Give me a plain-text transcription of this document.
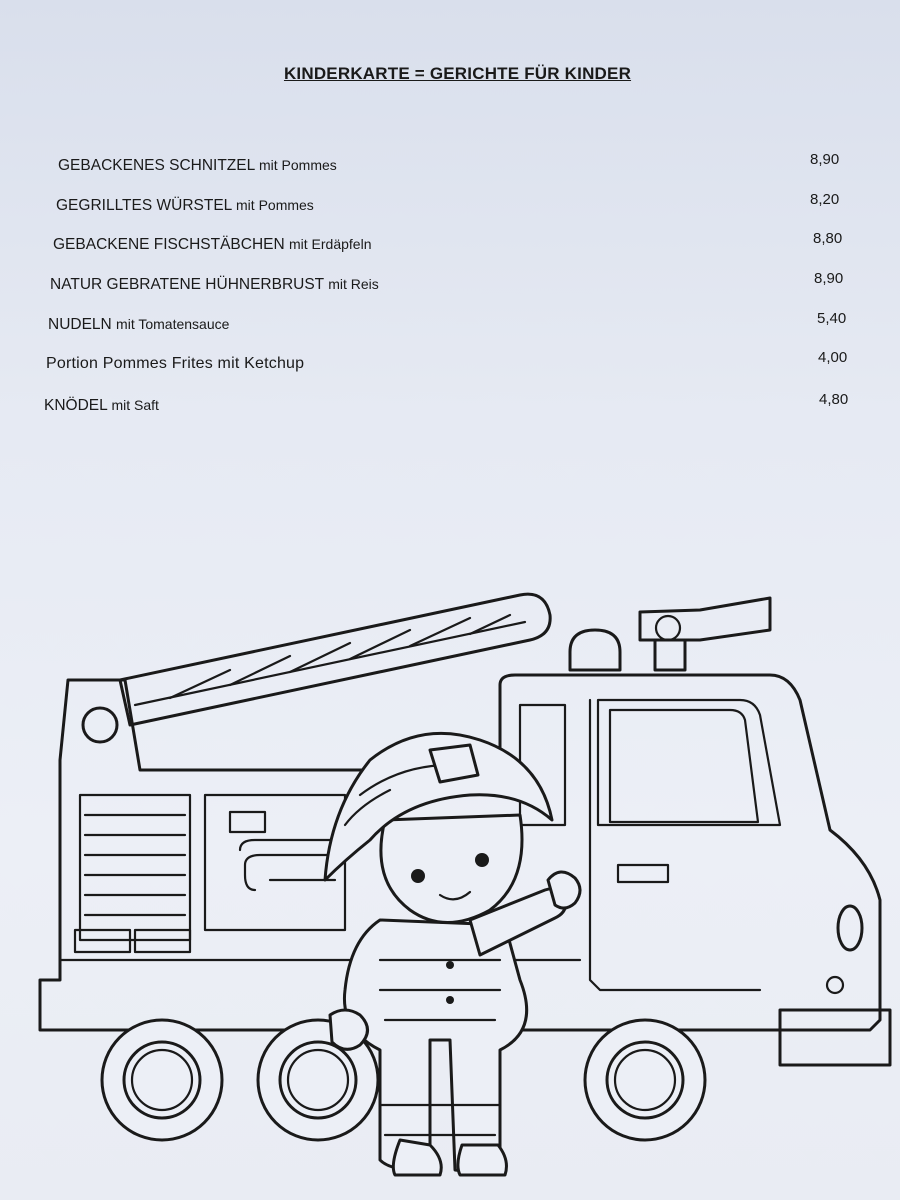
KINDERKARTE = GERICHTE FÜR KINDER
GEBACKENES SCHNITZEL mit Pommes	8,90
GEGRILLTES WÜRSTEL mit Pommes	8,20
GEBACKENE FISCHSTÄBCHEN mit Erdäpfeln	8,80
NATUR GEBRATENE HÜHNERBRUST mit Reis	8,90
NUDELN mit Tomatensauce	5,40
Portion Pommes Frites mit Ketchup	4,00
KNÖDEL mit Saft	4,80
